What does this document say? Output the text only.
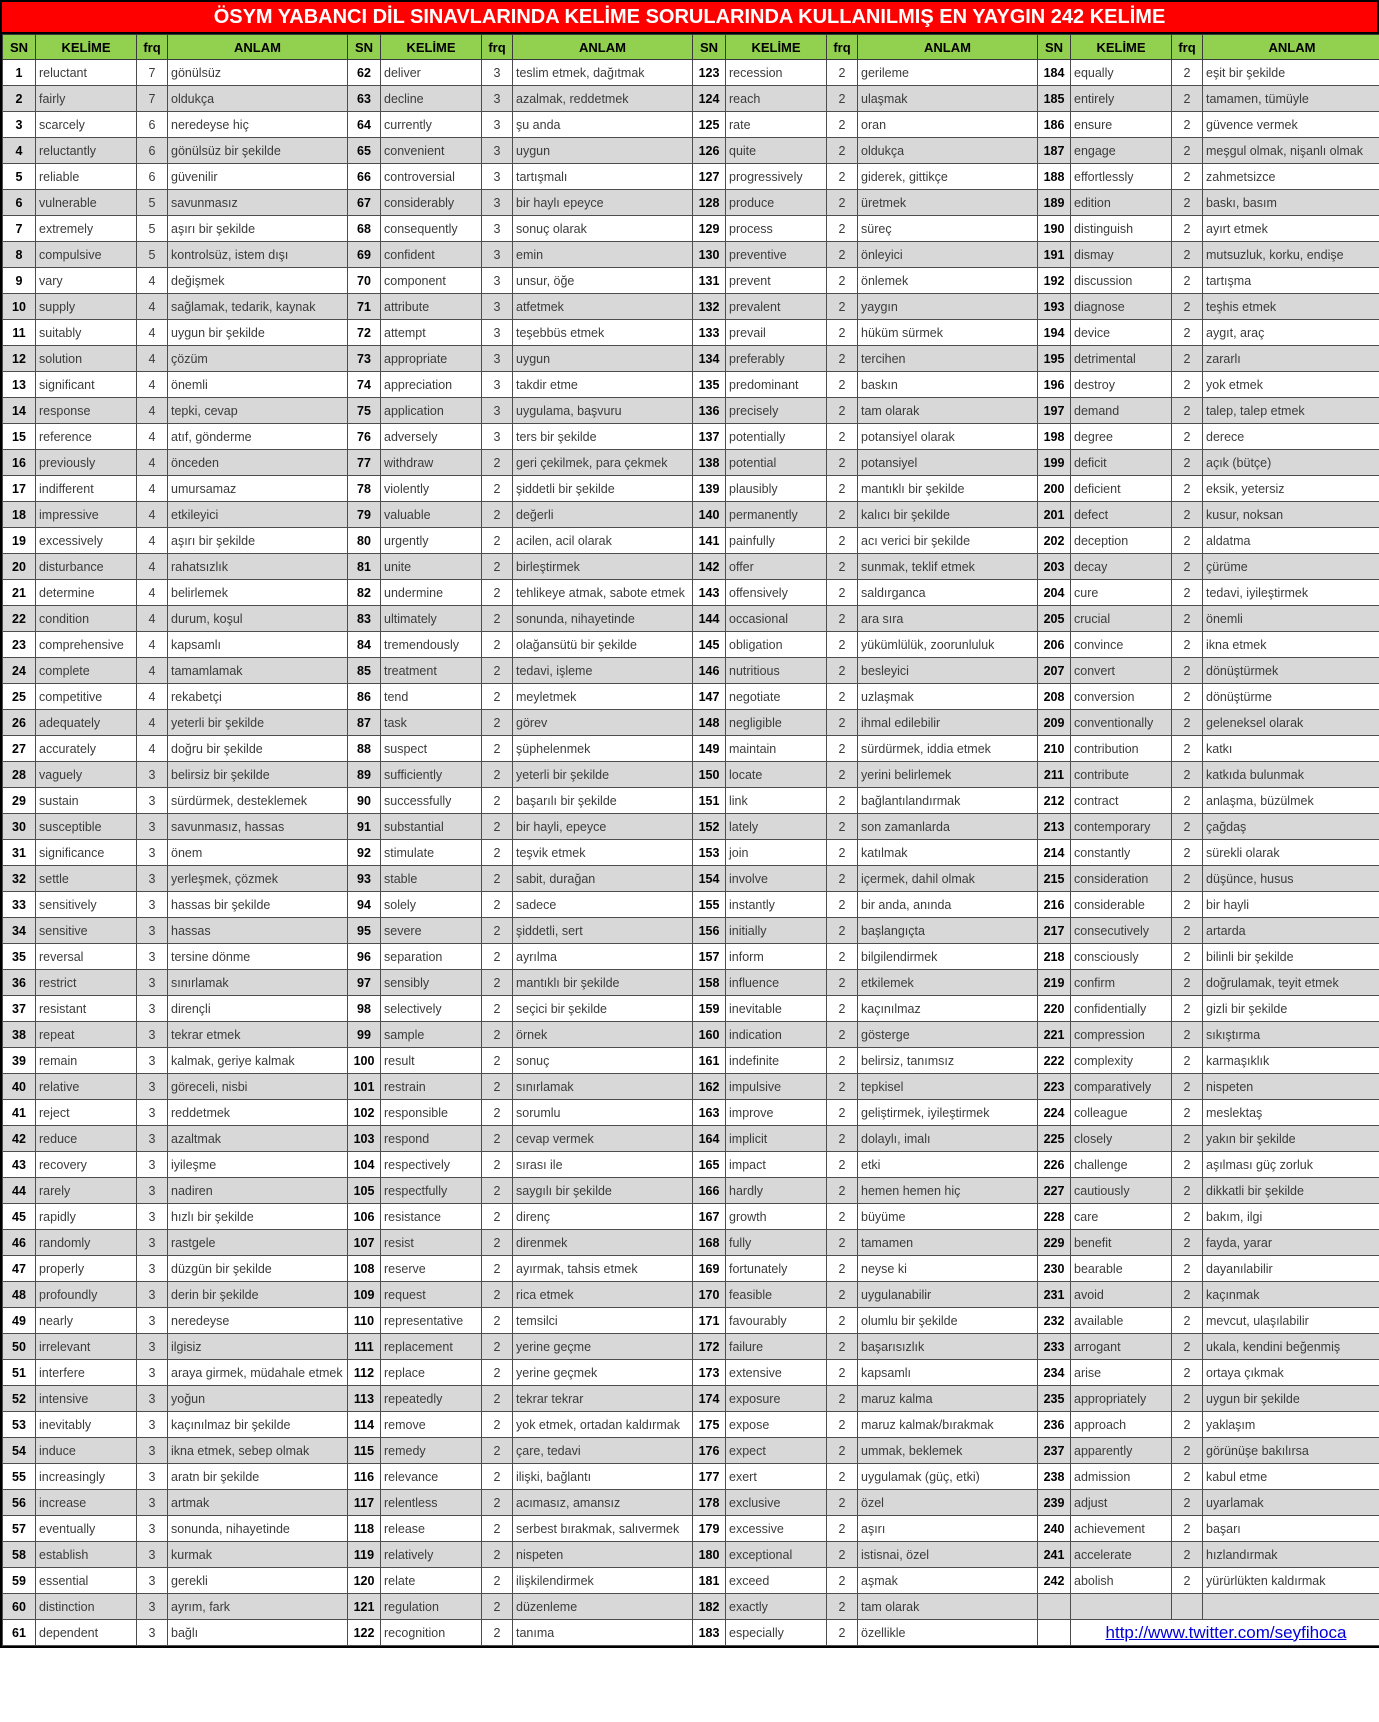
ÖSYM YABANCI DİL SINAVLARINDA KELİME SORULARINDA KULLANILMIŞ EN YAYGIN 242 KELİME
SN	KELİME	frq	ANLAM	SN	KELİME	frq	ANLAM	SN	KELİME	frq	ANLAM	SN	KELİME	frq	ANLAM
1	reluctant	7	gönülsüz	62	deliver	3	teslim etmek, dağıtmak	123	recession	2	gerileme	184	equally	2	eşit bir şekilde
2	fairly	7	oldukça	63	decline	3	azalmak, reddetmek	124	reach	2	ulaşmak	185	entirely	2	tamamen, tümüyle
3	scarcely	6	neredeyse hiç	64	currently	3	şu anda	125	rate	2	oran	186	ensure	2	güvence vermek
4	reluctantly	6	gönülsüz bir şekilde	65	convenient	3	uygun	126	quite	2	oldukça	187	engage	2	meşgul olmak, nişanlı olmak
5	reliable	6	güvenilir	66	controversial	3	tartışmalı	127	progressively	2	giderek, gittikçe	188	effortlessly	2	zahmetsizce
6	vulnerable	5	savunmasız	67	considerably	3	bir haylı epeyce	128	produce	2	üretmek	189	edition	2	baskı, basım
7	extremely	5	aşırı bir şekilde	68	consequently	3	sonuç olarak	129	process	2	süreç	190	distinguish	2	ayırt etmek
8	compulsive	5	kontrolsüz, istem dışı	69	confident	3	emin	130	preventive	2	önleyici	191	dismay	2	mutsuzluk, korku, endişe
9	vary	4	değişmek	70	component	3	unsur, öğe	131	prevent	2	önlemek	192	discussion	2	tartışma
10	supply	4	sağlamak, tedarik, kaynak	71	attribute	3	atfetmek	132	prevalent	2	yaygın	193	diagnose	2	teşhis etmek
11	suitably	4	uygun bir şekilde	72	attempt	3	teşebbüs etmek	133	prevail	2	hüküm sürmek	194	device	2	aygıt, araç
12	solution	4	çözüm	73	appropriate	3	uygun	134	preferably	2	tercihen	195	detrimental	2	zararlı
13	significant	4	önemli	74	appreciation	3	takdir etme	135	predominant	2	baskın	196	destroy	2	yok etmek
14	response	4	tepki, cevap	75	application	3	uygulama, başvuru	136	precisely	2	tam olarak	197	demand	2	talep, talep etmek
15	reference	4	atıf, gönderme	76	adversely	3	ters bir şekilde	137	potentially	2	potansiyel olarak	198	degree	2	derece
16	previously	4	önceden	77	withdraw	2	geri çekilmek, para çekmek	138	potential	2	potansiyel	199	deficit	2	açık (bütçe)
17	indifferent	4	umursamaz	78	violently	2	şiddetli bir şekilde	139	plausibly	2	mantıklı bir şekilde	200	deficient	2	eksik, yetersiz
18	impressive	4	etkileyici	79	valuable	2	değerli	140	permanently	2	kalıcı bir şekilde	201	defect	2	kusur, noksan
19	excessively	4	aşırı bir şekilde	80	urgently	2	acilen, acil olarak	141	painfully	2	acı verici bir şekilde	202	deception	2	aldatma
20	disturbance	4	rahatsızlık	81	unite	2	birleştirmek	142	offer	2	sunmak, teklif etmek	203	decay	2	çürüme
21	determine	4	belirlemek	82	undermine	2	tehlikeye atmak, sabote etmek	143	offensively	2	saldırganca	204	cure	2	tedavi, iyileştirmek
22	condition	4	durum, koşul	83	ultimately	2	sonunda, nihayetinde	144	occasional	2	ara sıra	205	crucial	2	önemli
23	comprehensive	4	kapsamlı	84	tremendously	2	olağansütü bir şekilde	145	obligation	2	yükümlülük, zoorunluluk	206	convince	2	ikna etmek
24	complete	4	tamamlamak	85	treatment	2	tedavi, işleme	146	nutritious	2	besleyici	207	convert	2	dönüştürmek
25	competitive	4	rekabetçi	86	tend	2	meyletmek	147	negotiate	2	uzlaşmak	208	conversion	2	dönüştürme
26	adequately	4	yeterli bir şekilde	87	task	2	görev	148	negligible	2	ihmal edilebilir	209	conventionally	2	geleneksel olarak
27	accurately	4	doğru bir şekilde	88	suspect	2	şüphelenmek	149	maintain	2	sürdürmek, iddia etmek	210	contribution	2	katkı
28	vaguely	3	belirsiz bir şekilde	89	sufficiently	2	yeterli bir şekilde	150	locate	2	yerini belirlemek	211	contribute	2	katkıda bulunmak
29	sustain	3	sürdürmek, desteklemek	90	successfully	2	başarılı bir şekilde	151	link	2	bağlantılandırmak	212	contract	2	anlaşma, büzülmek
30	susceptible	3	savunmasız, hassas	91	substantial	2	bir hayli, epeyce	152	lately	2	son zamanlarda	213	contemporary	2	çağdaş
31	significance	3	önem	92	stimulate	2	teşvik etmek	153	join	2	katılmak	214	constantly	2	sürekli olarak
32	settle	3	yerleşmek, çözmek	93	stable	2	sabit, durağan	154	involve	2	içermek, dahil olmak	215	consideration	2	düşünce, husus
33	sensitively	3	hassas bir şekilde	94	solely	2	sadece	155	instantly	2	bir anda, anında	216	considerable	2	bir hayli
34	sensitive	3	hassas	95	severe	2	şiddetli, sert	156	initially	2	başlangıçta	217	consecutively	2	artarda
35	reversal	3	tersine dönme	96	separation	2	ayrılma	157	inform	2	bilgilendirmek	218	consciously	2	bilinli bir şekilde
36	restrict	3	sınırlamak	97	sensibly	2	mantıklı bir şekilde	158	influence	2	etkilemek	219	confirm	2	doğrulamak, teyit etmek
37	resistant	3	dirençli	98	selectively	2	seçici bir şekilde	159	inevitable	2	kaçınılmaz	220	confidentially	2	gizli bir şekilde
38	repeat	3	tekrar etmek	99	sample	2	örnek	160	indication	2	gösterge	221	compression	2	sıkıştırma
39	remain	3	kalmak, geriye kalmak	100	result	2	sonuç	161	indefinite	2	belirsiz, tanımsız	222	complexity	2	karmaşıklık
40	relative	3	göreceli, nisbi	101	restrain	2	sınırlamak	162	impulsive	2	tepkisel	223	comparatively	2	nispeten
41	reject	3	reddetmek	102	responsible	2	sorumlu	163	improve	2	geliştirmek, iyileştirmek	224	colleague	2	meslektaş
42	reduce	3	azaltmak	103	respond	2	cevap vermek	164	implicit	2	dolaylı, imalı	225	closely	2	yakın bir şekilde
43	recovery	3	iyileşme	104	respectively	2	sırası ile	165	impact	2	etki	226	challenge	2	aşılması güç zorluk
44	rarely	3	nadiren	105	respectfully	2	saygılı bir şekilde	166	hardly	2	hemen hemen hiç	227	cautiously	2	dikkatli bir şekilde
45	rapidly	3	hızlı bir şekilde	106	resistance	2	direnç	167	growth	2	büyüme	228	care	2	bakım, ilgi
46	randomly	3	rastgele	107	resist	2	direnmek	168	fully	2	tamamen	229	benefit	2	fayda, yarar
47	properly	3	düzgün bir şekilde	108	reserve	2	ayırmak, tahsis etmek	169	fortunately	2	neyse ki	230	bearable	2	dayanılabilir
48	profoundly	3	derin bir şekilde	109	request	2	rica etmek	170	feasible	2	uygulanabilir	231	avoid	2	kaçınmak
49	nearly	3	neredeyse	110	representative	2	temsilci	171	favourably	2	olumlu bir şekilde	232	available	2	mevcut, ulaşılabilir
50	irrelevant	3	ilgisiz	111	replacement	2	yerine geçme	172	failure	2	başarısızlık	233	arrogant	2	ukala, kendini beğenmiş
51	interfere	3	araya girmek, müdahale etmek	112	replace	2	yerine geçmek	173	extensive	2	kapsamlı	234	arise	2	ortaya çıkmak
52	intensive	3	yoğun	113	repeatedly	2	tekrar tekrar	174	exposure	2	maruz kalma	235	appropriately	2	uygun bir şekilde
53	inevitably	3	kaçınılmaz bir şekilde	114	remove	2	yok etmek, ortadan kaldırmak	175	expose	2	maruz kalmak/bırakmak	236	approach	2	yaklaşım
54	induce	3	ikna etmek, sebep olmak	115	remedy	2	çare, tedavi	176	expect	2	ummak, beklemek	237	apparently	2	görünüşe bakılırsa
55	increasingly	3	aratn bir şekilde	116	relevance	2	ilişki, bağlantı	177	exert	2	uygulamak (güç, etki)	238	admission	2	kabul etme
56	increase	3	artmak	117	relentless	2	acımasız, amansız	178	exclusive	2	özel	239	adjust	2	uyarlamak
57	eventually	3	sonunda, nihayetinde	118	release	2	serbest bırakmak, salıvermek	179	excessive	2	aşırı	240	achievement	2	başarı
58	establish	3	kurmak	119	relatively	2	nispeten	180	exceptional	2	istisnai, özel	241	accelerate	2	hızlandırmak
59	essential	3	gerekli	120	relate	2	ilişkilendirmek	181	exceed	2	aşmak	242	abolish	2	yürürlükten kaldırmak
60	distinction	3	ayrım, fark	121	regulation	2	düzenleme	182	exactly	2	tam olarak				
61	dependent	3	bağlı	122	recognition	2	tanıma	183	especially	2	özellikle		http://www.twitter.com/seyfihoca		
